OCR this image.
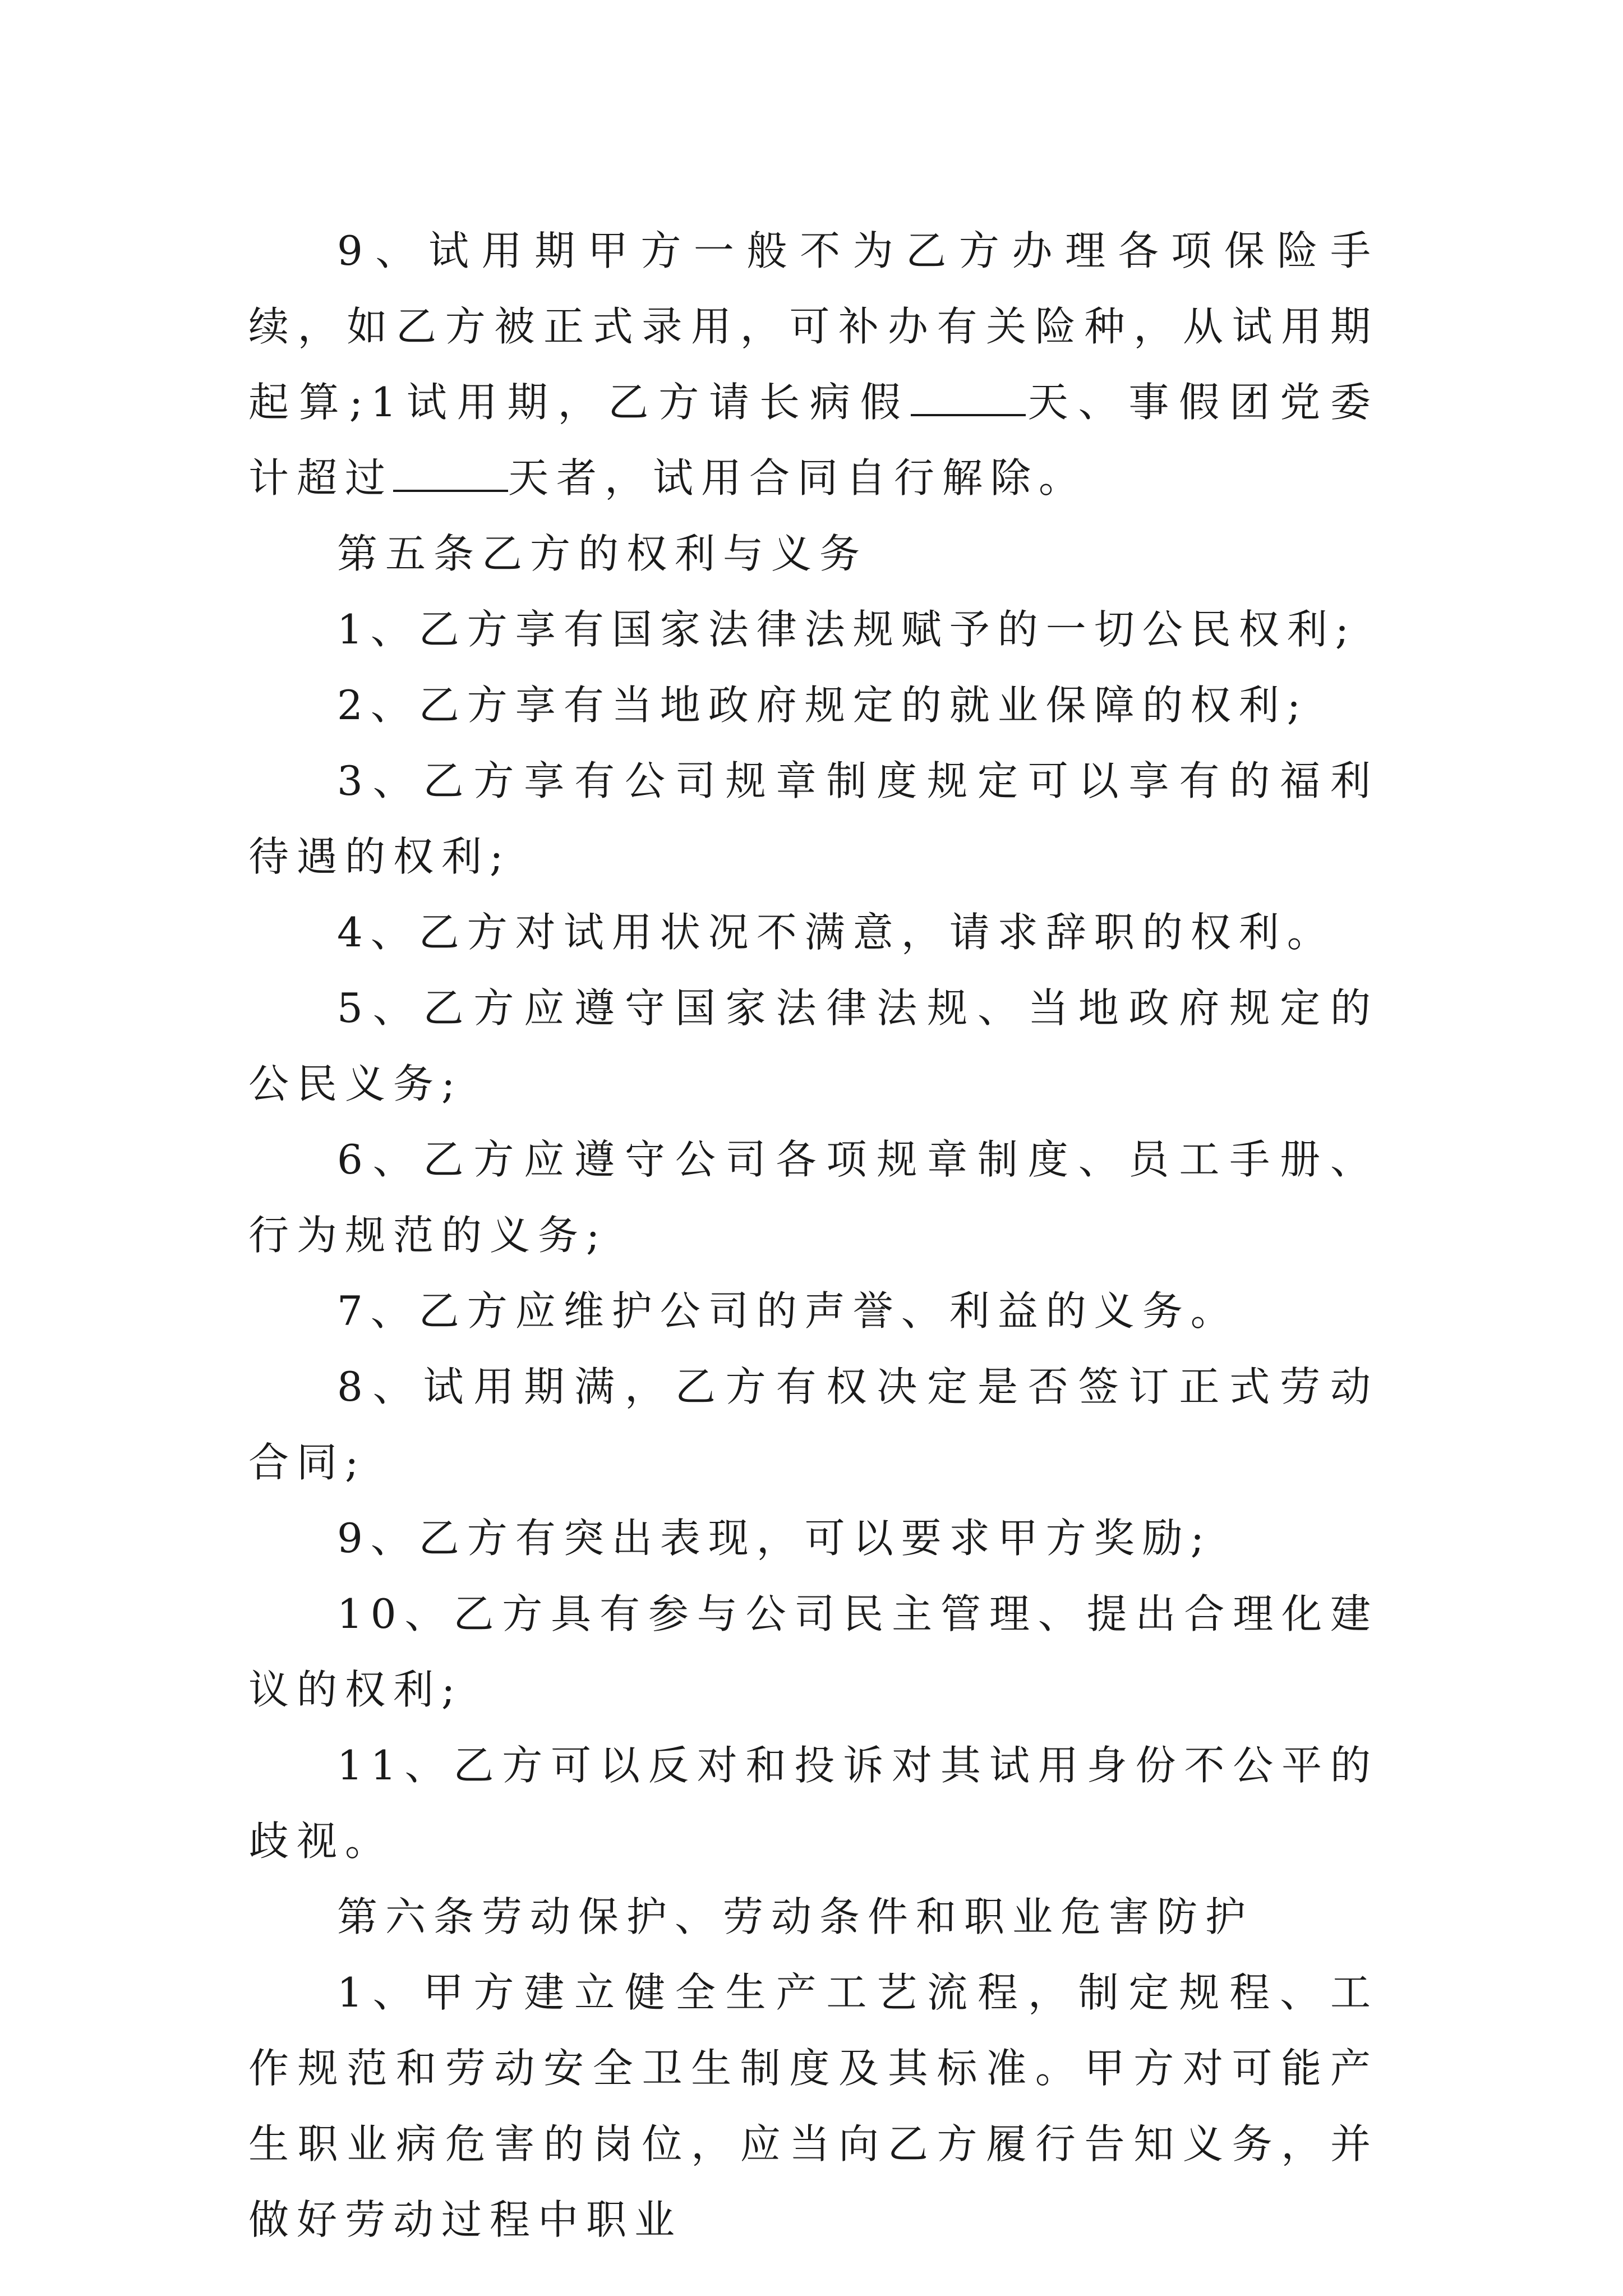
9、试用期甲方一般不为乙方办理各项保险手续，如乙方被正式录用，可补办有关险种，从试用期起算;1试用期，乙方请长病假	天、事假团党委计超过	天者，试用合同自行解除。

第五条乙方的权利与义务

1、乙方享有国家法律法规赋予的一切公民权利;

2、乙方享有当地政府规定的就业保障的权利;

3、乙方享有公司规章制度规定可以享有的福利待遇的权利;

4、乙方对试用状况不满意，请求辞职的权利。

5、乙方应遵守国家法律法规、当地政府规定的公民义务;

6、乙方应遵守公司各项规章制度、员工手册、行为规范的义务;

7、乙方应维护公司的声誉、利益的义务。

8、试用期满，乙方有权决定是否签订正式劳动合同;

9、乙方有突出表现，可以要求甲方奖励;

10、乙方具有参与公司民主管理、提出合理化建议的权利;

11、乙方可以反对和投诉对其试用身份不公平的歧视。

第六条劳动保护、劳动条件和职业危害防护

1、甲方建立健全生产工艺流程，制定规程、工作规范和劳动安全卫生制度及其标准。甲方对可能产生职业病危害的岗位，应当向乙方履行告知义务，并做好劳动过程中职业
